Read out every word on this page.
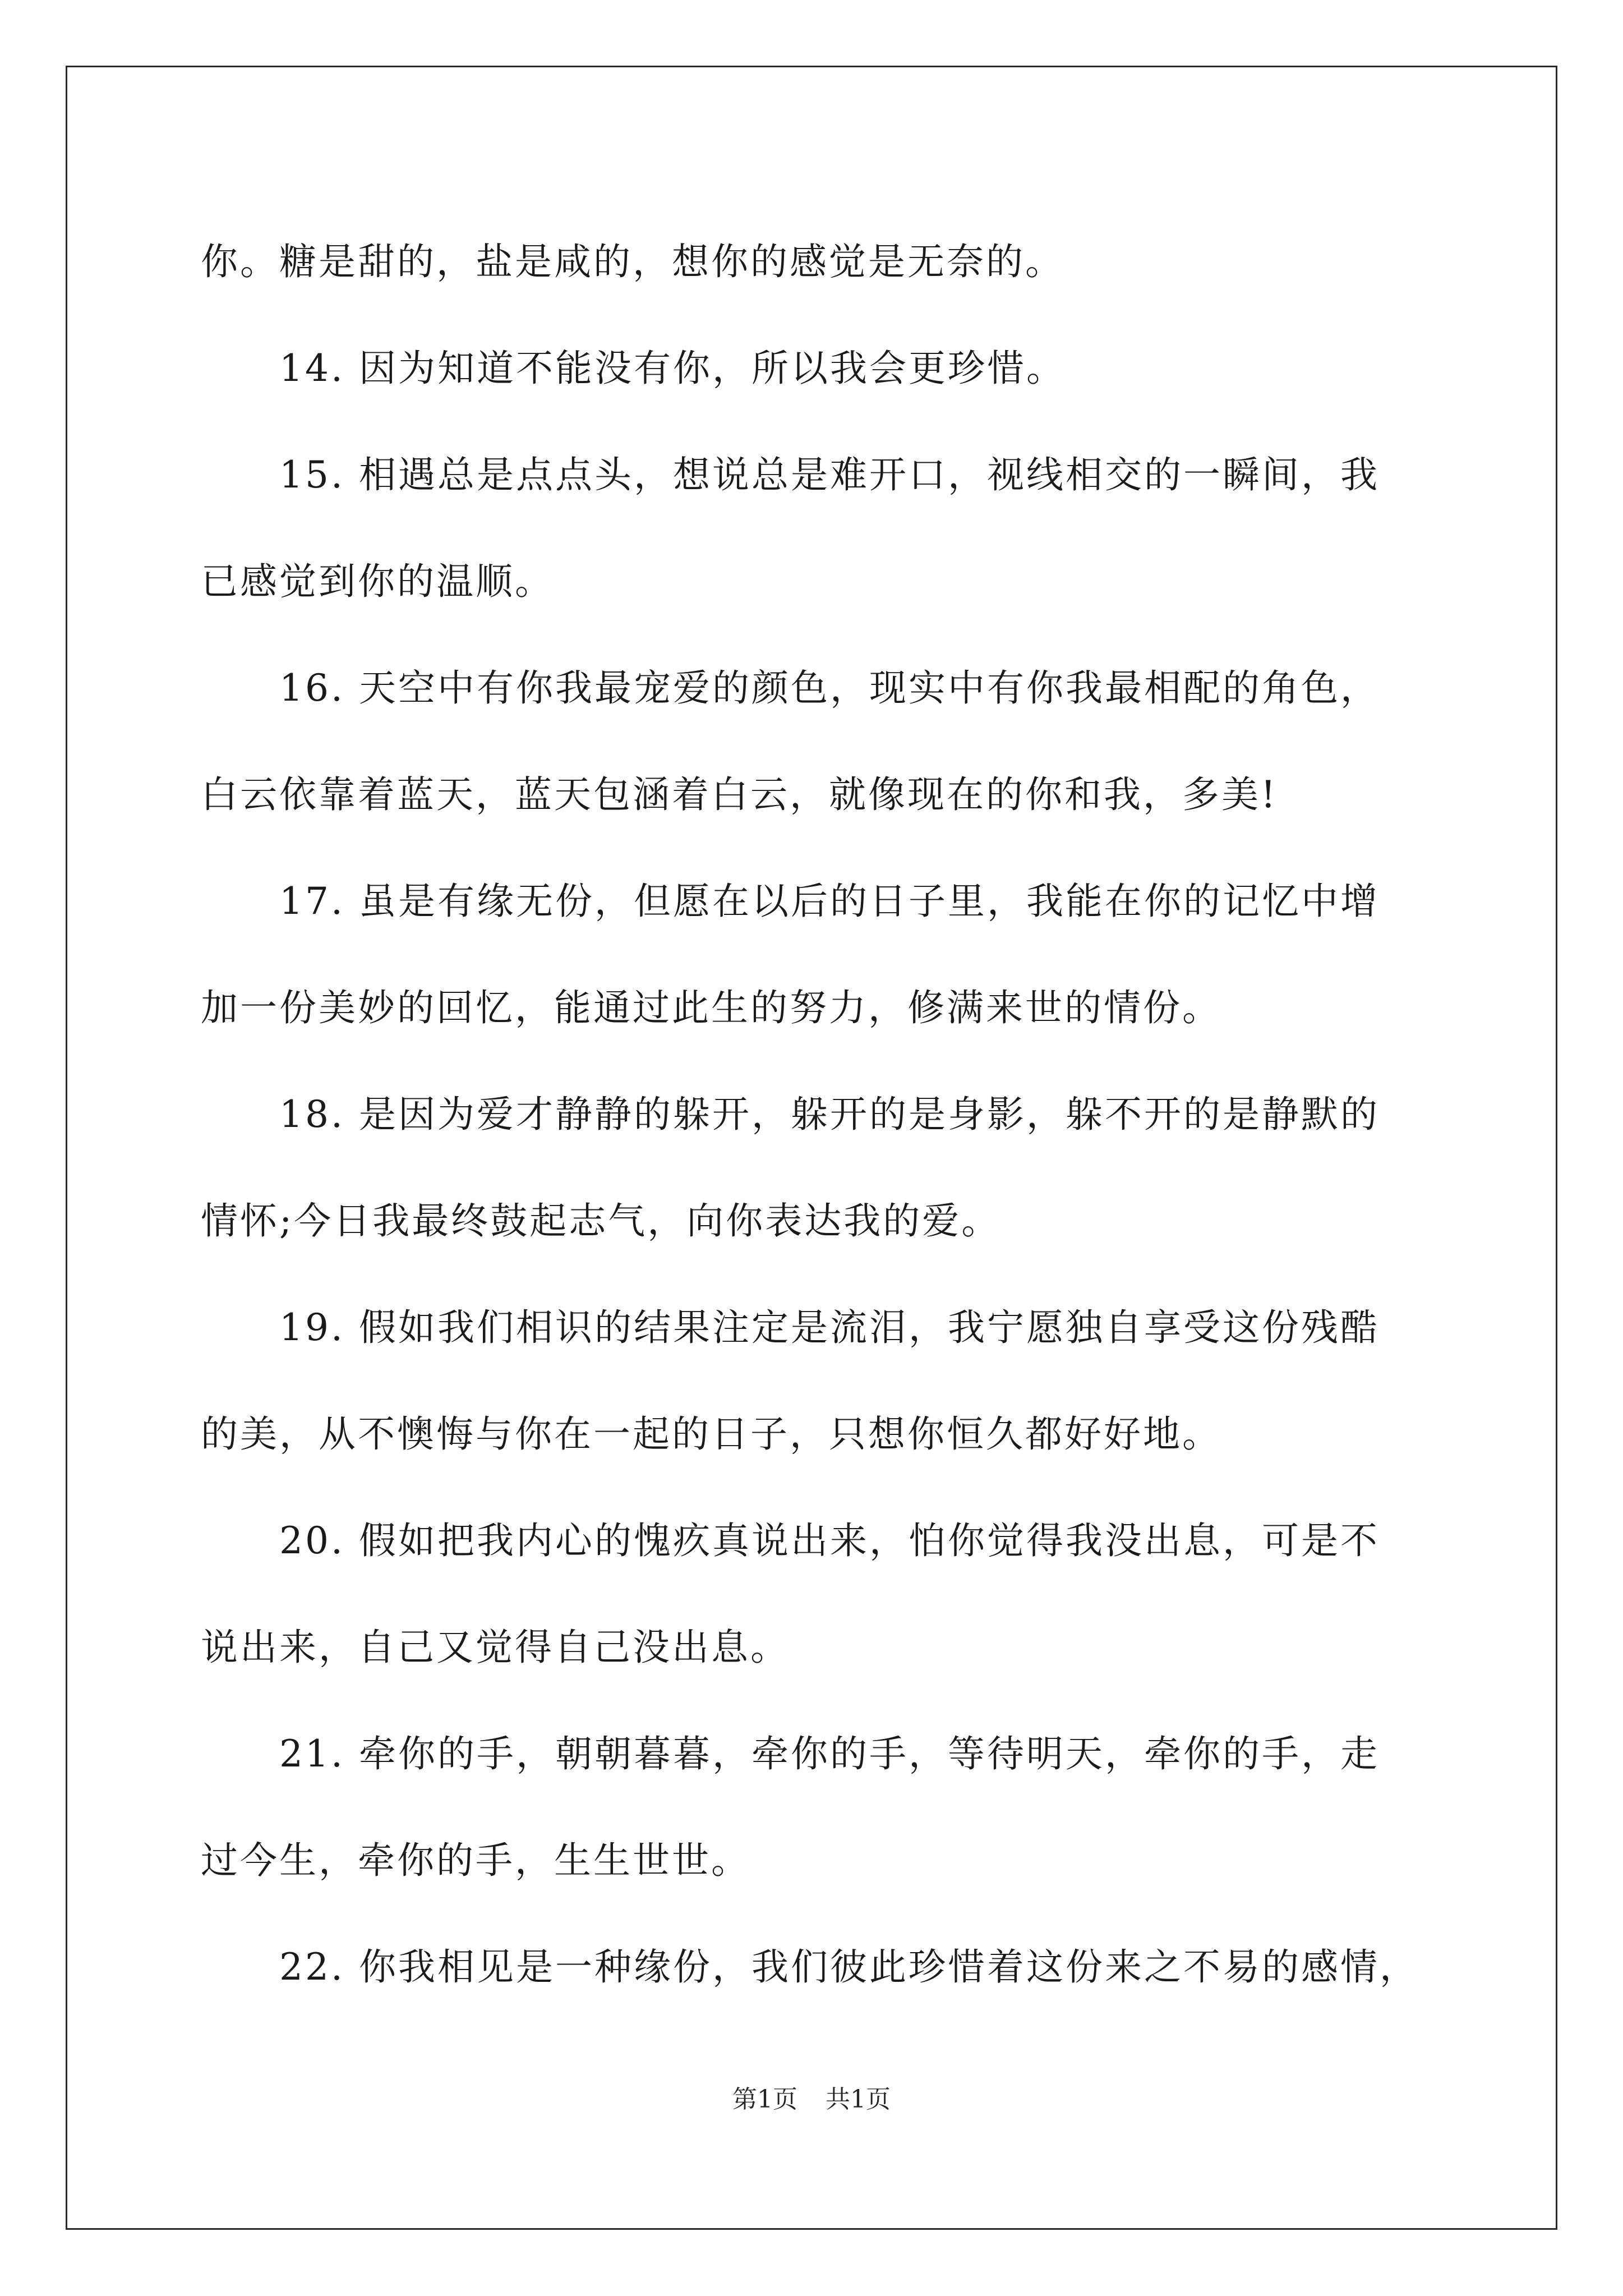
你。糖是甜的，盐是咸的，想你的感觉是无奈的。

14. 因为知道不能没有你，所以我会更珍惜。

15. 相遇总是点点头，想说总是难开口，视线相交的一瞬间，我

已感觉到你的温顺。

16. 天空中有你我最宠爱的颜色，现实中有你我最相配的角色，

白云依靠着蓝天，蓝天包涵着白云，就像现在的你和我，多美!

17. 虽是有缘无份，但愿在以后的日子里，我能在你的记忆中增

加一份美妙的回忆，能通过此生的努力，修满来世的情份。

18. 是因为爱才静静的躲开，躲开的是身影，躲不开的是静默的

情怀;今日我最终鼓起志气，向你表达我的爱。

19. 假如我们相识的结果注定是流泪，我宁愿独自享受这份残酷

的美，从不懊悔与你在一起的日子，只想你恒久都好好地。

20. 假如把我内心的愧疚真说出来，怕你觉得我没出息，可是不

说出来，自己又觉得自己没出息。

21. 牵你的手，朝朝暮暮，牵你的手，等待明天，牵你的手，走

过今生，牵你的手，生生世世。

22. 你我相见是一种缘份，我们彼此珍惜着这份来之不易的感情，

第1页 共1页
